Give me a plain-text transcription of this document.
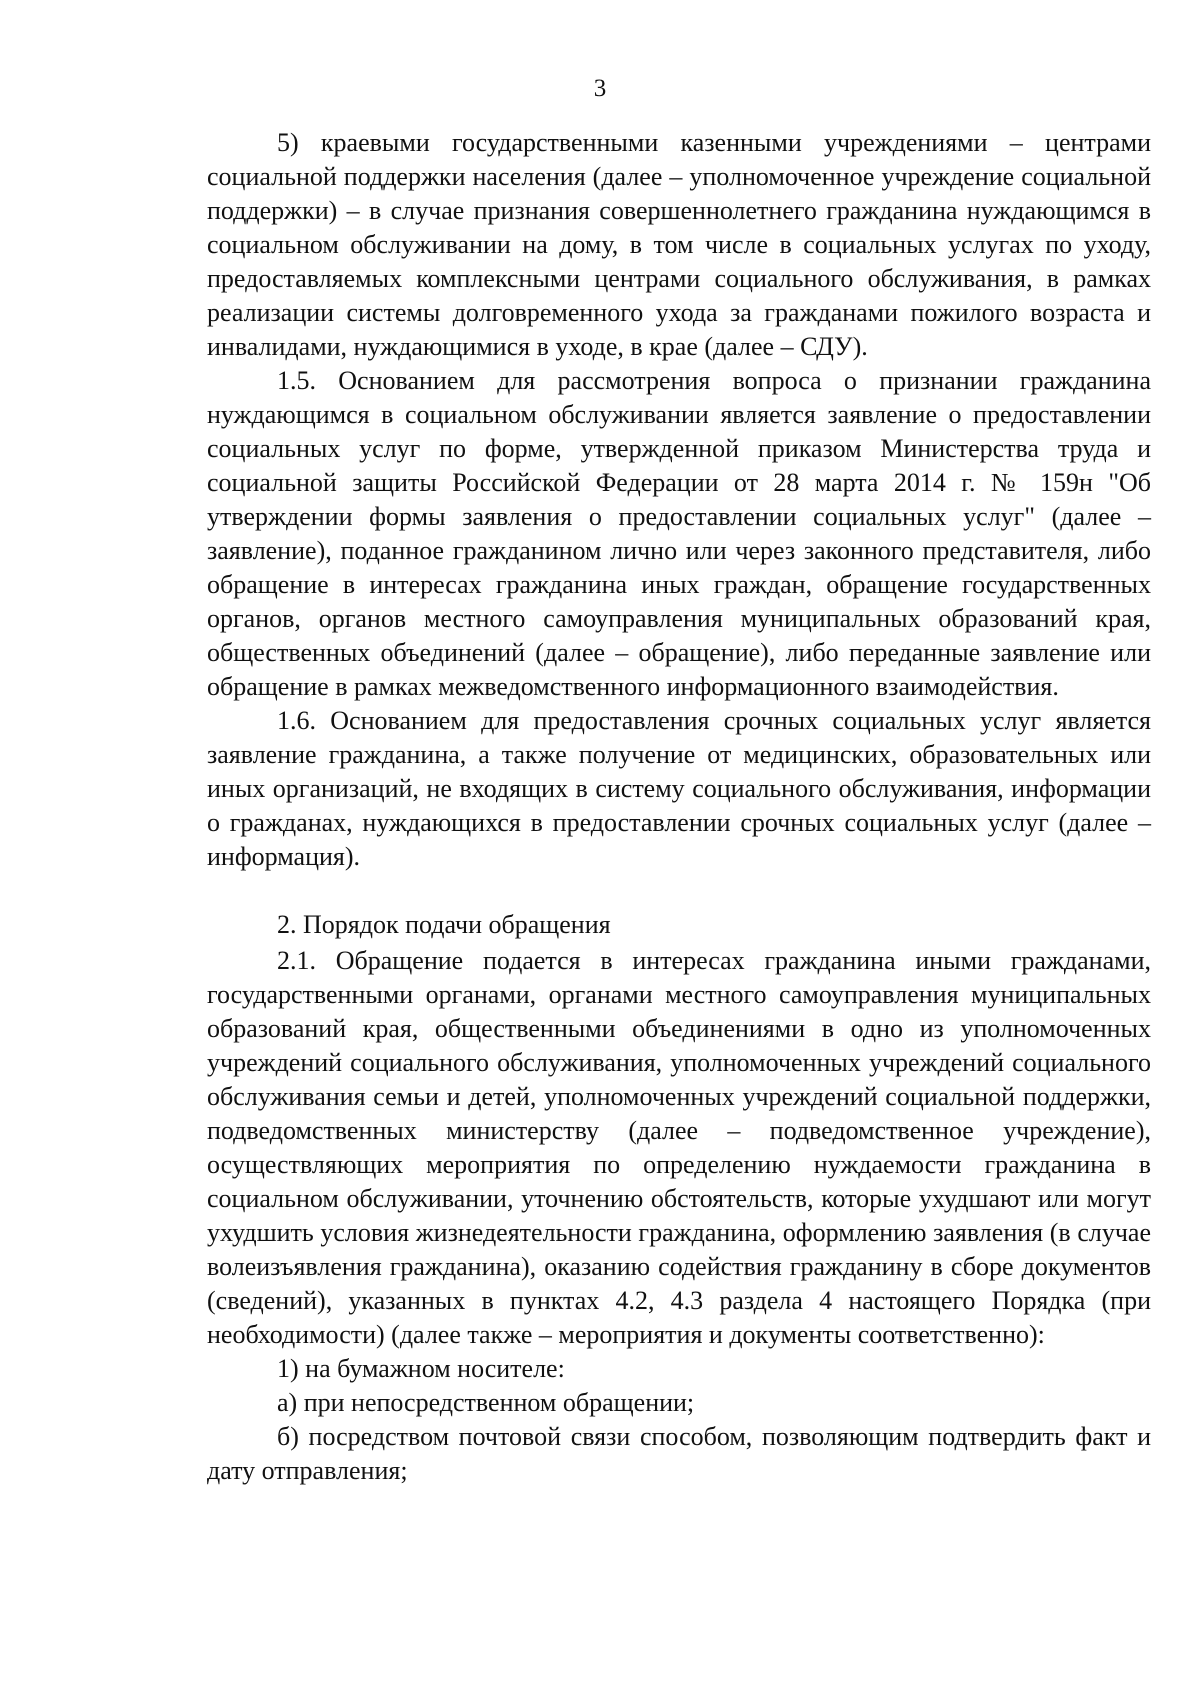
3

5) краевыми государственными казенными учреждениями – центрами социальной поддержки населения (далее – уполномоченное учреждение социальной поддержки) – в случае признания совершеннолетнего гражданина нуждающимся в социальном обслуживании на дому, в том числе в социальных услугах по уходу, предоставляемых комплексными центрами социального обслуживания, в рамках реализации системы долговременного ухода за гражданами пожилого возраста и инвалидами, нуждающимися в уходе, в крае (далее – СДУ).

1.5. Основанием для рассмотрения вопроса о признании гражданина нуждающимся в социальном обслуживании является заявление о предоставлении социальных услуг по форме, утвержденной приказом Министерства труда и социальной защиты Российской Федерации от 28 марта 2014 г. № 159н "Об утверждении формы заявления о предоставлении социальных услуг" (далее – заявление), поданное гражданином лично или через законного представителя, либо обращение в интересах гражданина иных граждан, обращение государственных органов, органов местного самоуправления муниципальных образований края, общественных объединений (далее – обращение), либо переданные заявление или обращение в рамках межведомственного информационного взаимодействия.

1.6. Основанием для предоставления срочных социальных услуг является заявление гражданина, а также получение от медицинских, образовательных или иных организаций, не входящих в систему социального обслуживания, информации о гражданах, нуждающихся в предоставлении срочных социальных услуг (далее – информация).

2. Порядок подачи обращения

2.1. Обращение подается в интересах гражданина иными гражданами, государственными органами, органами местного самоуправления муниципальных образований края, общественными объединениями в одно из уполномоченных учреждений социального обслуживания, уполномоченных учреждений социального обслуживания семьи и детей, уполномоченных учреждений социальной поддержки, подведомственных министерству (далее – подведомственное учреждение), осуществляющих мероприятия по определению нуждаемости гражданина в социальном обслуживании, уточнению обстоятельств, которые ухудшают или могут ухудшить условия жизнедеятельности гражданина, оформлению заявления (в случае волеизъявления гражданина), оказанию содействия гражданину в сборе документов (сведений), указанных в пунктах 4.2, 4.3 раздела 4 настоящего Порядка (при необходимости) (далее также – мероприятия и документы соответственно):

1) на бумажном носителе:

а) при непосредственном обращении;

б) посредством почтовой связи способом, позволяющим подтвердить факт и дату отправления;
